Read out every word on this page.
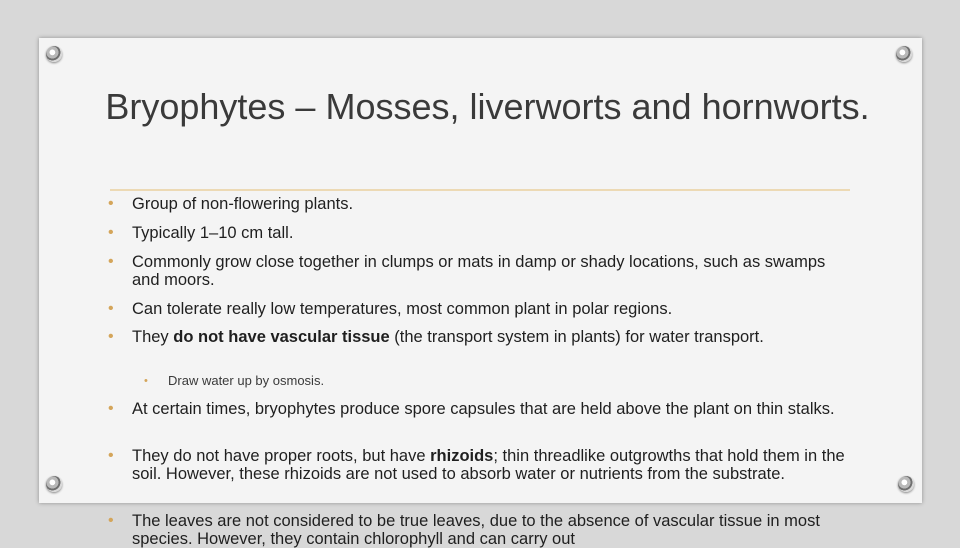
Bryophytes – Mosses, liverworts and hornworts.
• Group of non-flowering plants.
• Typically 1–10 cm tall.
• Commonly grow close together in clumps or mats in damp or shady locations, such as swamps and moors.
• Can tolerate really low temperatures, most common plant in polar regions.
• They do not have vascular tissue (the transport system in plants) for water transport.
• Draw water up by osmosis.
• At certain times, bryophytes produce spore capsules that are held above the plant on thin stalks.
• They do not have proper roots, but have rhizoids; thin threadlike outgrowths that hold them in the soil. However, these rhizoids are not used to absorb water or nutrients from the substrate.
• The leaves are not considered to be true leaves, due to the absence of vascular tissue in most species. However, they contain chlorophyll and can carry out
